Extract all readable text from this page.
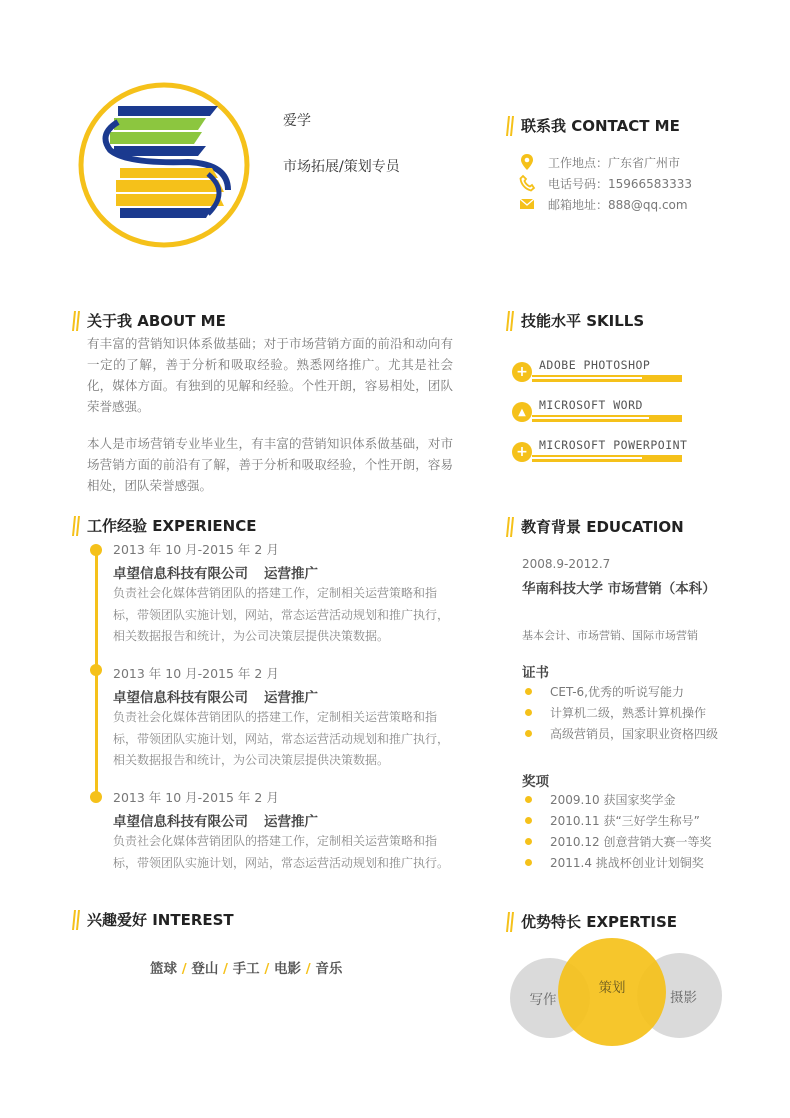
爱学
市场拓展/策划专员
联系我 CONTACT ME
工作地点：广东省广州市
电话号码：15966583333
邮箱地址：888@qq.com
关于我 ABOUT ME
有丰富的营销知识体系做基础；对于市场营销方面的前沿和动向有一定的了解，善于分析和吸取经验。熟悉网络推广。尤其是社会化，媒体方面。有独到的见解和经验。个性开朗，容易相处，团队荣誉感强。
本人是市场营销专业毕业生，有丰富的营销知识体系做基础，对市场营销方面的前沿有了解，善于分析和吸取经验，个性开朗，容易相处，团队荣誉感强。
技能水平 SKILLS
+ ADOBE PHOTOSHOP
▲	MICROSOFT WORD
+ MICROSOFT POWERPOINT
工作经验 EXPERIENCE
2013 年 10 月-2015 年 2 月
卓望信息科技有限公司 运营推广
负责社会化媒体营销团队的搭建工作，定制相关运营策略和指标，带领团队实施计划，网站，常态运营活动规划和推广执行，相关数据报告和统计，为公司决策层提供决策数据。
2013 年 10 月-2015 年 2 月
卓望信息科技有限公司 运营推广
负责社会化媒体营销团队的搭建工作，定制相关运营策略和指标，带领团队实施计划，网站，常态运营活动规划和推广执行，相关数据报告和统计，为公司决策层提供决策数据。
2013 年 10 月-2015 年 2 月
卓望信息科技有限公司 运营推广
负责社会化媒体营销团队的搭建工作，定制相关运营策略和指标，带领团队实施计划，网站，常态运营活动规划和推广执行。
教育背景 EDUCATION
2008.9-2012.7
华南科技大学 市场营销（本科）
基本会计、市场营销、国际市场营销
证书
CET-6,优秀的听说写能力
计算机二级，熟悉计算机操作
高级营销员，国家职业资格四级
奖项
2009.10 获国家奖学金
2010.11 获“三好学生称号”
2010.12 创意营销大赛一等奖
2011.4 挑战杯创业计划铜奖
兴趣爱好 INTEREST
篮球 / 登山 / 手工 / 电影 / 音乐
优势特长 EXPERTISE
写作	摄影
策划
